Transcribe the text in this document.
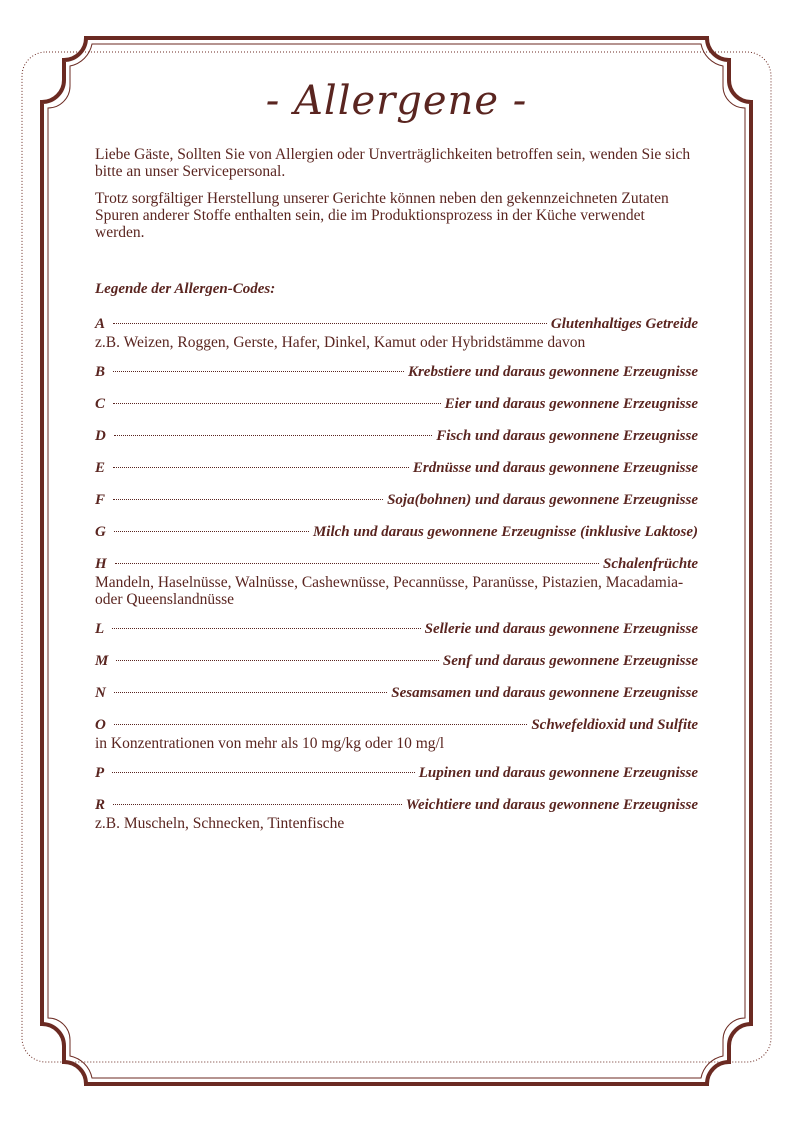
- Allergene -

Liebe Gäste, Sollten Sie von Allergien oder Unverträglichkeiten betroffen sein, wenden Sie sich bitte an unser Servicepersonal.

Trotz sorgfältiger Herstellung unserer Gerichte können neben den gekennzeichneten Zutaten Spuren anderer Stoffe enthalten sein, die im Produktionsprozess in der Küche verwendet werden.

Legende der Allergen-Codes:
A	Glutenhaltiges Getreide
z.B. Weizen, Roggen, Gerste, Hafer, Dinkel, Kamut oder Hybridstämme davon
B	Krebstiere und daraus gewonnene Erzeugnisse
C	Eier und daraus gewonnene Erzeugnisse
D	Fisch und daraus gewonnene Erzeugnisse
E	Erdnüsse und daraus gewonnene Erzeugnisse
F	Soja(bohnen) und daraus gewonnene Erzeugnisse
G	Milch und daraus gewonnene Erzeugnisse (inklusive Laktose)
H	Schalenfrüchte
Mandeln, Haselnüsse, Walnüsse, Cashewnüsse, Pecannüsse, Paranüsse, Pistazien, Macadamia- oder Queenslandnüsse
L	Sellerie und daraus gewonnene Erzeugnisse
M	Senf und daraus gewonnene Erzeugnisse
N	Sesamsamen und daraus gewonnene Erzeugnisse
O	Schwefeldioxid und Sulfite
in Konzentrationen von mehr als 10 mg/kg oder 10 mg/l
P	Lupinen und daraus gewonnene Erzeugnisse
R	Weichtiere und daraus gewonnene Erzeugnisse
z.B. Muscheln, Schnecken, Tintenfische
